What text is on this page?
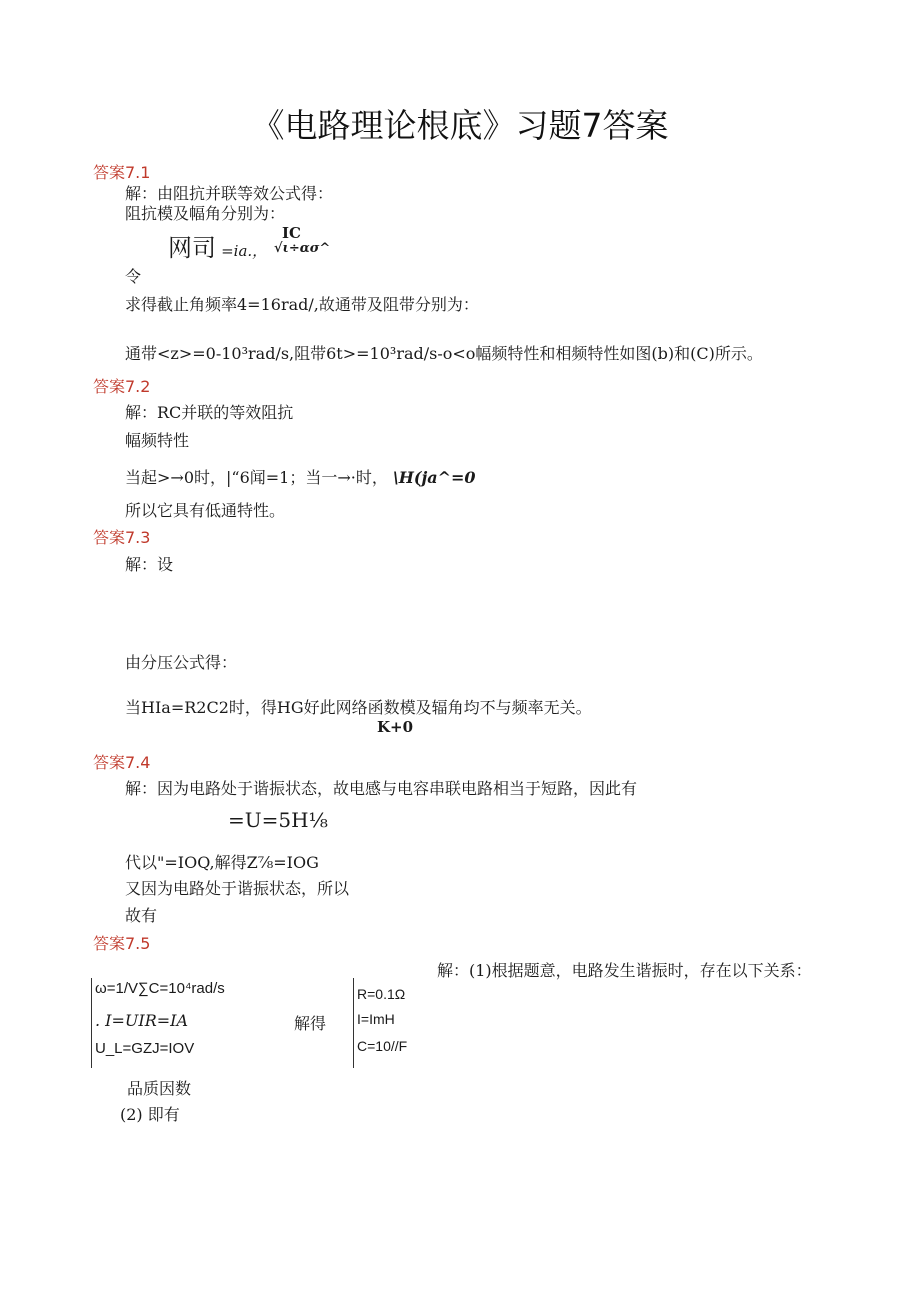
《电路理论根底》习题7答案
答案7.1
解：由阻抗并联等效公式得：
阻抗模及幅角分别为：
网司 =ia.，
IC
√ι÷ασ^
令
求得截止角频率4=16rad/,故通带及阻带分别为：
通带<z>=0-10³rad∕s,阻带6t>=10³rad∕s-o<o幅频特性和相频特性如图(b)和(C)所示。
答案7.2
解：RC并联的等效阻抗
幅频特性
当起>→0时，|“6闻=1；当一→·时， \H(ja^=0
所以它具有低通特性。
答案7.3
解：设
由分压公式得：
当HIa=R2C2时，得HG好此网络函数模及辐角均不与频率无关。
K+0
答案7.4
解：因为电路处于谐振状态，故电感与电容串联电路相当于短路，因此有
=U=5H⅛
代以"=IOQ,解得Z⅞=IOG
又因为电路处于谐振状态，所以
故有
答案7.5
解：(1)根据题意，电路发生谐振时，存在以下关系：
ω=1/V∑C=10⁴rad/s
. I=UIR=IA
U_L=GZJ=IOV
解得
R=0.1Ω
I=ImH
C=10//F
品质因数
(2) 即有
